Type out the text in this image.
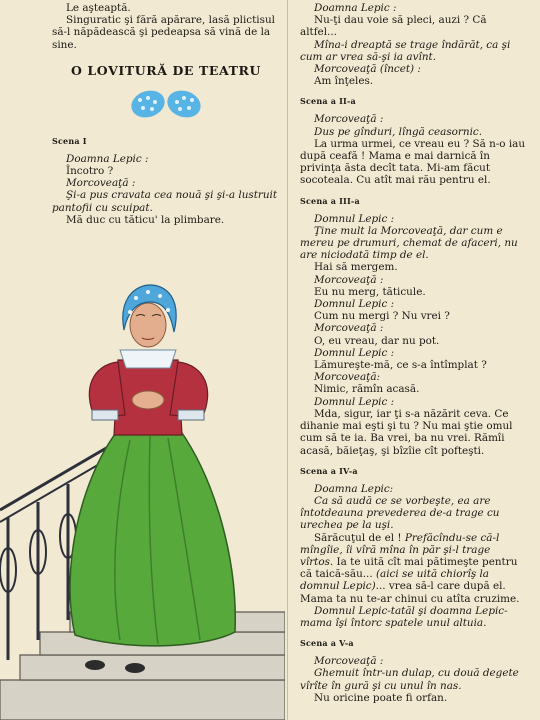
Le aşteaptă.

Singuratic şi fără apărare, lasă plictisul să-l năpădească şi pedeapsa să vină de la sine.

O LOVITURĂ DE TEATRU
Scena I

Doamna Lepic :

Încotro ?

Morcoveaţă :

Şi-a pus cravata cea nouă şi şi-a lustruit pantofii cu scuipat.

Mă duc cu tăticu' la plimbare.

Doamna Lepic :

Nu-ţi dau voie să pleci, auzi ? Că altfel...

Mîna-i dreaptă se trage îndărăt, ca şi cum ar vrea să-şi ia avînt.

Morcoveaţă (încet) :

Am înţeles.

Scena a II-a

Morcoveaţă :

Dus pe gînduri, lîngă ceasornic.

La urma urmei, ce vreau eu ? Să n-o iau după ceafă ! Mama e mai darnică în privinţa ăsta decît tata. Mi-am făcut socoteala. Cu atît mai rău pentru el.

Scena a III-a

Domnul Lepic :

Ţine mult la Morcoveaţă, dar cum e mereu pe drumuri, chemat de afaceri, nu are niciodată timp de el.

Hai să mergem.

Morcoveaţă :

Eu nu merg, tăticule.

Domnul Lepic :

Cum nu mergi ? Nu vrei ?

Morcoveaţă :

O, eu vreau, dar nu pot.

Domnul Lepic :

Lămureşte-mă, ce s-a întîmplat ?

Morcoveaţă:

Nimic, rămîn acasă.

Domnul Lepic :

Mda, sigur, iar ţi s-a năzărit ceva. Ce dihanie mai eşti şi tu ? Nu mai ştie omul cum să te ia. Ba vrei, ba nu vrei. Rămîi acasă, băieţaş, şi bîzîie cît pofteşti.

Scena a IV-a

Doamna Lepic:

Ca să audă ce se vorbeşte, ea are întotdeauna prevederea de-a trage cu urechea pe la uşi.

Sărăcuţul de el ! Prefăcîndu-se că-l mîngîie, îi vîră mîna în păr şi-l trage vîrtos. Ia te uită cît mai pătimeşte pentru că taică-său... (aici se uită chiorîş la domnul Lepic)... vrea să-l care după el. Mama ta nu te-ar chinui cu atîta cruzime.

Domnul Lepic-tatăl şi doamna Lepic-mama îşi întorc spatele unul altuia.

Scena a V-a

Morcoveaţă :

Ghemuit într-un dulap, cu două degete vîrîte în gură şi cu unul în nas.

Nu oricine poate fi orfan.
